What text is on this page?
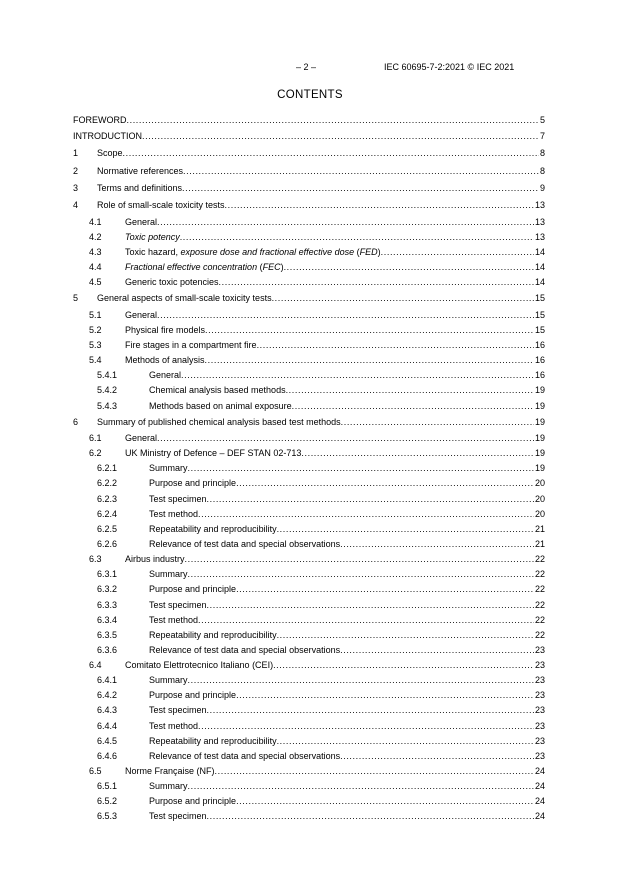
– 2 –	IEC 60695-7-2:2021 © IEC 2021
CONTENTS
FOREWORD .....	5
INTRODUCTION .....	7
1 Scope .....	8
2 Normative references .....	8
3 Terms and definitions .....	9
4 Role of small-scale toxicity tests .....	13
4.1	General .....	13
4.2	Toxic potency .....	13
4.3	Toxic hazard, exposure dose and fractional effective dose (FED) .....	14
4.4	Fractional effective concentration (FEC) .....	14
4.5	Generic toxic potencies .....	14
5 General aspects of small-scale toxicity tests .....	15
5.1	General .....	15
5.2	Physical fire models .....	15
5.3	Fire stages in a compartment fire .....	16
5.4	Methods of analysis .....	16
5.4.1	General .....	16
5.4.2	Chemical analysis based methods .....	19
5.4.3	Methods based on animal exposure .....	19
6 Summary of published chemical analysis based test methods .....	19
6.1	General .....	19
6.2	UK Ministry of Defence – DEF STAN 02-713 .....	19
6.2.1	Summary .....	19
6.2.2	Purpose and principle .....	20
6.2.3	Test specimen .....	20
6.2.4	Test method .....	20
6.2.5	Repeatability and reproducibility .....	21
6.2.6	Relevance of test data and special observations .....	21
6.3	Airbus industry .....	22
6.3.1	Summary .....	22
6.3.2	Purpose and principle .....	22
6.3.3	Test specimen .....	22
6.3.4	Test method .....	22
6.3.5	Repeatability and reproducibility .....	22
6.3.6	Relevance of test data and special observations .....	23
6.4	Comitato Elettrotecnico Italiano (CEI) .....	23
6.4.1	Summary .....	23
6.4.2	Purpose and principle .....	23
6.4.3	Test specimen .....	23
6.4.4	Test method .....	23
6.4.5	Repeatability and reproducibility .....	23
6.4.6	Relevance of test data and special observations .....	23
6.5	Norme Française (NF) .....	24
6.5.1	Summary .....	24
6.5.2	Purpose and principle .....	24
6.5.3	Test specimen .....	24
